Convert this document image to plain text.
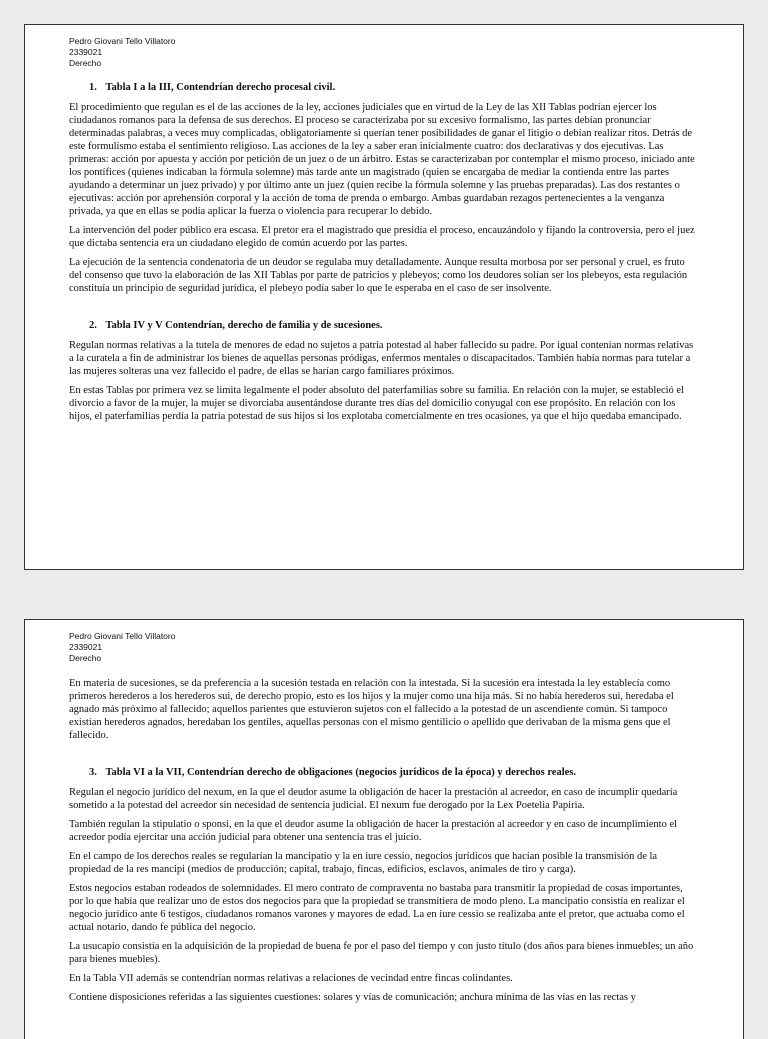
Pedro Giovani Tello Villatoro
2339021
Derecho
1. Tabla I a la III, Contendrían derecho procesal civil.

El procedimiento que regulan es el de las acciones de la ley, acciones judiciales que en virtud de la Ley de las XII Tablas podrían ejercer los ciudadanos romanos para la defensa de sus derechos. El proceso se caracterizaba por su excesivo formalismo, las partes debían pronunciar determinadas palabras, a veces muy complicadas, obligatoriamente si querían tener posibilidades de ganar el litigio o debían realizar ritos. Detrás de este formulismo estaba el sentimiento religioso. Las acciones de la ley a saber eran inicialmente cuatro: dos declarativas y dos ejecutivas. Las primeras: acción por apuesta y acción por petición de un juez o de un árbitro. Estas se caracterizaban por contemplar el mismo proceso, iniciado ante los pontífices (quienes indicaban la fórmula solemne) más tarde ante un magistrado (quien se encargaba de mediar la contienda entre las partes ayudando a determinar un juez privado) y por último ante un juez (quien recibe la fórmula solemne y las pruebas preparadas). Las dos restantes o ejecutivas: acción por aprehensión corporal y la acción de toma de prenda o embargo. Ambas guardaban rezagos pertenecientes a la venganza privada, ya que en ellas se podía aplicar la fuerza o violencia para recuperar lo debido.

La intervención del poder público era escasa. El pretor era el magistrado que presidía el proceso, encauzándolo y fijando la controversia, pero el juez que dictaba sentencia era un ciudadano elegido de común acuerdo por las partes.

La ejecución de la sentencia condenatoria de un deudor se regulaba muy detalladamente. Aunque resulta morbosa por ser personal y cruel, es fruto del consenso que tuvo la elaboración de las XII Tablas por parte de patricios y plebeyos; como los deudores solían ser los plebeyos, esta regulación constituía un principio de seguridad jurídica, el plebeyo podía saber lo que le esperaba en el caso de ser insolvente.

2. Tabla IV y V Contendrían, derecho de familia y de sucesiones.

Regulan normas relativas a la tutela de menores de edad no sujetos a patria potestad al haber fallecido su padre. Por igual contenían normas relativas a la curatela a fin de administrar los bienes de aquellas personas pródigas, enfermos mentales o discapacitados. También había normas para tutelar a las mujeres solteras una vez fallecido el padre, de ellas se harían cargo familiares próximos.

En estas Tablas por primera vez se limita legalmente el poder absoluto del paterfamilias sobre su familia. En relación con la mujer, se estableció el divorcio a favor de la mujer, la mujer se divorciaba ausentándose durante tres días del domicilio conyugal con ese propósito. En relación con los hijos, el paterfamilias perdía la patria potestad de sus hijos si los explotaba comercialmente en tres ocasiones, ya que el hijo quedaba emancipado.

Pedro Giovani Tello Villatoro
2339021
Derecho

En materia de sucesiones, se da preferencia a la sucesión testada en relación con la intestada. Si la sucesión era intestada la ley establecía como primeros herederos a los herederos sui, de derecho propio, esto es los hijos y la mujer como una hija más. Si no había herederos sui, heredaba el agnado más próximo al fallecido; aquellos parientes que estuvieron sujetos con el fallecido a la potestad de un ascendiente común. Si tampoco existían herederos agnados, heredaban los gentiles, aquellas personas con el mismo gentilicio o apellido que derivaban de la misma gens que el fallecido.

3. Tabla VI a la VII, Contendrían derecho de obligaciones (negocios jurídicos de la época) y derechos reales.

Regulan el negocio jurídico del nexum, en la que el deudor asume la obligación de hacer la prestación al acreedor, en caso de incumplir quedaría sometido a la potestad del acreedor sin necesidad de sentencia judicial. El nexum fue derogado por la Lex Poetelia Papiria.

También regulan la stipulatio o sponsi, en la que el deudor asume la obligación de hacer la prestación al acreedor y en caso de incumplimiento el acreedor podía ejercitar una acción judicial para obtener una sentencia tras el juicio.

En el campo de los derechos reales se regularían la mancipatio y la en iure cessio, negocios jurídicos que hacían posible la transmisión de la propiedad de la res mancipi (medios de producción; capital, trabajo, fincas, edificios, esclavos, animales de tiro y carga).

Estos negocios estaban rodeados de solemnidades. El mero contrato de compraventa no bastaba para transmitir la propiedad de cosas importantes, por lo que había que realizar uno de estos dos negocios para que la propiedad se transmitiera de modo pleno. La mancipatio consistía en realizar el negocio jurídico ante 6 testigos, ciudadanos romanos varones y mayores de edad. La en iure cessio se realizaba ante el pretor, que actuaba como el actual notario, dando fe pública del negocio.

La usucapio consistía en la adquisición de la propiedad de buena fe por el paso del tiempo y con justo título (dos años para bienes inmuebles; un año para bienes muebles).

En la Tabla VII además se contendrían normas relativas a relaciones de vecindad entre fincas colindantes.

Contiene disposiciones referidas a las siguientes cuestiones: solares y vías de comunicación; anchura mínima de las vías en las rectas y
